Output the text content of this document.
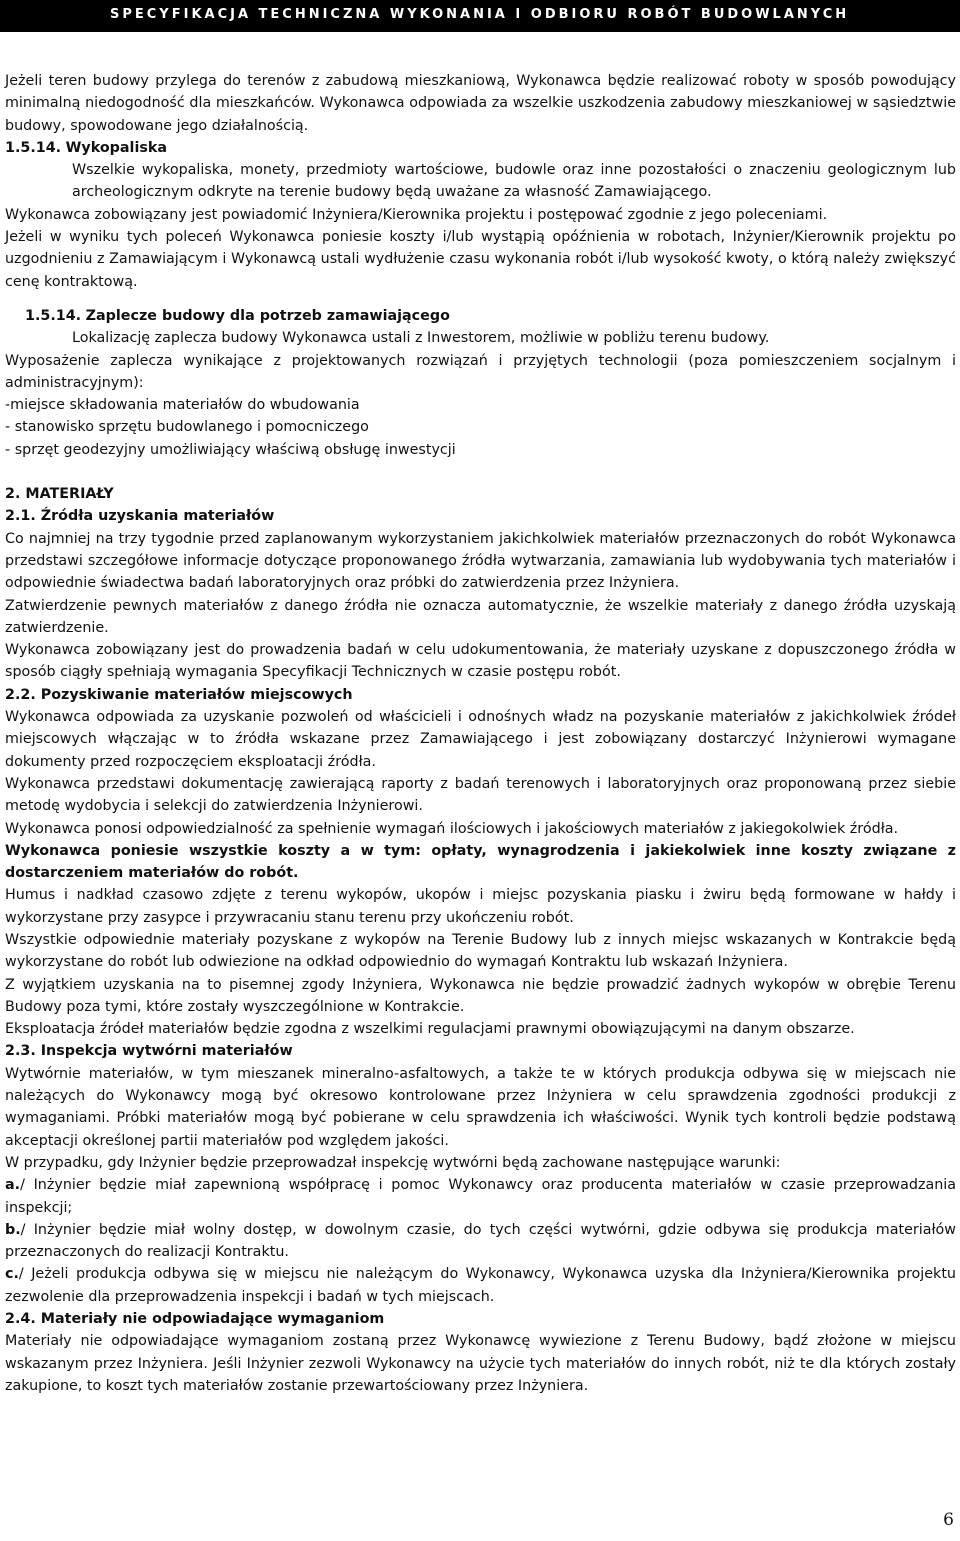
SPECYFIKACJA TECHNICZNA WYKONANIA I ODBIORU ROBÓT BUDOWLANYCH

Jeżeli teren budowy przylega do terenów z zabudową mieszkaniową, Wykonawca będzie realizować roboty w sposób powodujący minimalną niedogodność dla mieszkańców. Wykonawca odpowiada za wszelkie uszkodzenia zabudowy mieszkaniowej w sąsiedztwie budowy, spowodowane jego działalnością.

1.5.14. Wykopaliska

Wszelkie wykopaliska, monety, przedmioty wartościowe, budowle oraz inne pozostałości o znaczeniu geologicznym lub archeologicznym odkryte na terenie budowy będą uważane za własność Zamawiającego.

Wykonawca zobowiązany jest powiadomić Inżyniera/Kierownika projektu i postępować zgodnie z jego poleceniami.

Jeżeli w wyniku tych poleceń Wykonawca poniesie koszty i/lub wystąpią opóźnienia w robotach, Inżynier/Kierownik projektu po uzgodnieniu z Zamawiającym i Wykonawcą ustali wydłużenie czasu wykonania robót i/lub wysokość kwoty, o którą należy zwiększyć cenę kontraktową.

1.5.14. Zaplecze budowy dla potrzeb zamawiającego

Lokalizację zaplecza budowy Wykonawca ustali z Inwestorem, możliwie w pobliżu terenu budowy.

Wyposażenie zaplecza wynikające z projektowanych rozwiązań i przyjętych technologii (poza pomieszczeniem socjalnym i administracyjnym):

-miejsce składowania materiałów do wbudowania

- stanowisko sprzętu budowlanego i pomocniczego

- sprzęt geodezyjny umożliwiający właściwą obsługę inwestycji

2. MATERIAŁY

2.1. Źródła uzyskania materiałów

Co najmniej na trzy tygodnie przed zaplanowanym wykorzystaniem jakichkolwiek materiałów przeznaczonych do robót Wykonawca przedstawi szczegółowe informacje dotyczące proponowanego źródła wytwarzania, zamawiania lub wydobywania tych materiałów i odpowiednie świadectwa badań laboratoryjnych oraz próbki do zatwierdzenia przez Inżyniera.

Zatwierdzenie pewnych materiałów z danego źródła nie oznacza automatycznie, że wszelkie materiały z danego źródła uzyskają zatwierdzenie.

Wykonawca zobowiązany jest do prowadzenia badań w celu udokumentowania, że materiały uzyskane z dopuszczonego źródła w sposób ciągły spełniają wymagania Specyfikacji Technicznych w czasie postępu robót.

2.2. Pozyskiwanie materiałów miejscowych

Wykonawca odpowiada za uzyskanie pozwoleń od właścicieli i odnośnych władz na pozyskanie materiałów z jakichkolwiek źródeł miejscowych włączając w to źródła wskazane przez Zamawiającego i jest zobowiązany dostarczyć Inżynierowi wymagane dokumenty przed rozpoczęciem eksploatacji źródła.

Wykonawca przedstawi dokumentację zawierającą raporty z badań terenowych i laboratoryjnych oraz proponowaną przez siebie metodę wydobycia i selekcji do zatwierdzenia Inżynierowi.

Wykonawca ponosi odpowiedzialność za spełnienie wymagań ilościowych i jakościowych materiałów z jakiegokolwiek źródła.

Wykonawca poniesie wszystkie koszty a w tym: opłaty, wynagrodzenia i jakiekolwiek inne koszty związane z dostarczeniem materiałów do robót.

Humus i nadkład czasowo zdjęte z terenu wykopów, ukopów i miejsc pozyskania piasku i żwiru będą formowane w hałdy i wykorzystane przy zasypce i przywracaniu stanu terenu przy ukończeniu robót.

Wszystkie odpowiednie materiały pozyskane z wykopów na Terenie Budowy lub z innych miejsc wskazanych w Kontrakcie będą wykorzystane do robót lub odwiezione na odkład odpowiednio do wymagań Kontraktu lub wskazań Inżyniera.

Z wyjątkiem uzyskania na to pisemnej zgody Inżyniera, Wykonawca nie będzie prowadzić żadnych wykopów w obrębie Terenu Budowy poza tymi, które zostały wyszczególnione w Kontrakcie.

Eksploatacja źródeł materiałów będzie zgodna z wszelkimi regulacjami prawnymi obowiązującymi na danym obszarze.

2.3. Inspekcja wytwórni materiałów

Wytwórnie materiałów, w tym mieszanek mineralno-asfaltowych, a także te w których produkcja odbywa się w miejscach nie należących do Wykonawcy mogą być okresowo kontrolowane przez Inżyniera w celu sprawdzenia zgodności produkcji z wymaganiami. Próbki materiałów mogą być pobierane w celu sprawdzenia ich właściwości. Wynik tych kontroli będzie podstawą akceptacji określonej partii materiałów pod względem jakości.

W przypadku, gdy Inżynier będzie przeprowadzał inspekcję wytwórni będą zachowane następujące warunki:

a./ Inżynier będzie miał zapewnioną współpracę i pomoc Wykonawcy oraz producenta materiałów w czasie przeprowadzania inspekcji;

b./ Inżynier będzie miał wolny dostęp, w dowolnym czasie, do tych części wytwórni, gdzie odbywa się produkcja materiałów przeznaczonych do realizacji Kontraktu.

c./ Jeżeli produkcja odbywa się w miejscu nie należącym do Wykonawcy, Wykonawca uzyska dla Inżyniera/Kierownika projektu zezwolenie dla przeprowadzenia inspekcji i badań w tych miejscach.

2.4. Materiały nie odpowiadające wymaganiom

Materiały nie odpowiadające wymaganiom zostaną przez Wykonawcę wywiezione z Terenu Budowy, bądź złożone w miejscu wskazanym przez Inżyniera. Jeśli Inżynier zezwoli Wykonawcy na użycie tych materiałów do innych robót, niż te dla których zostały zakupione, to koszt tych materiałów zostanie przewartościowany przez Inżyniera.

6
